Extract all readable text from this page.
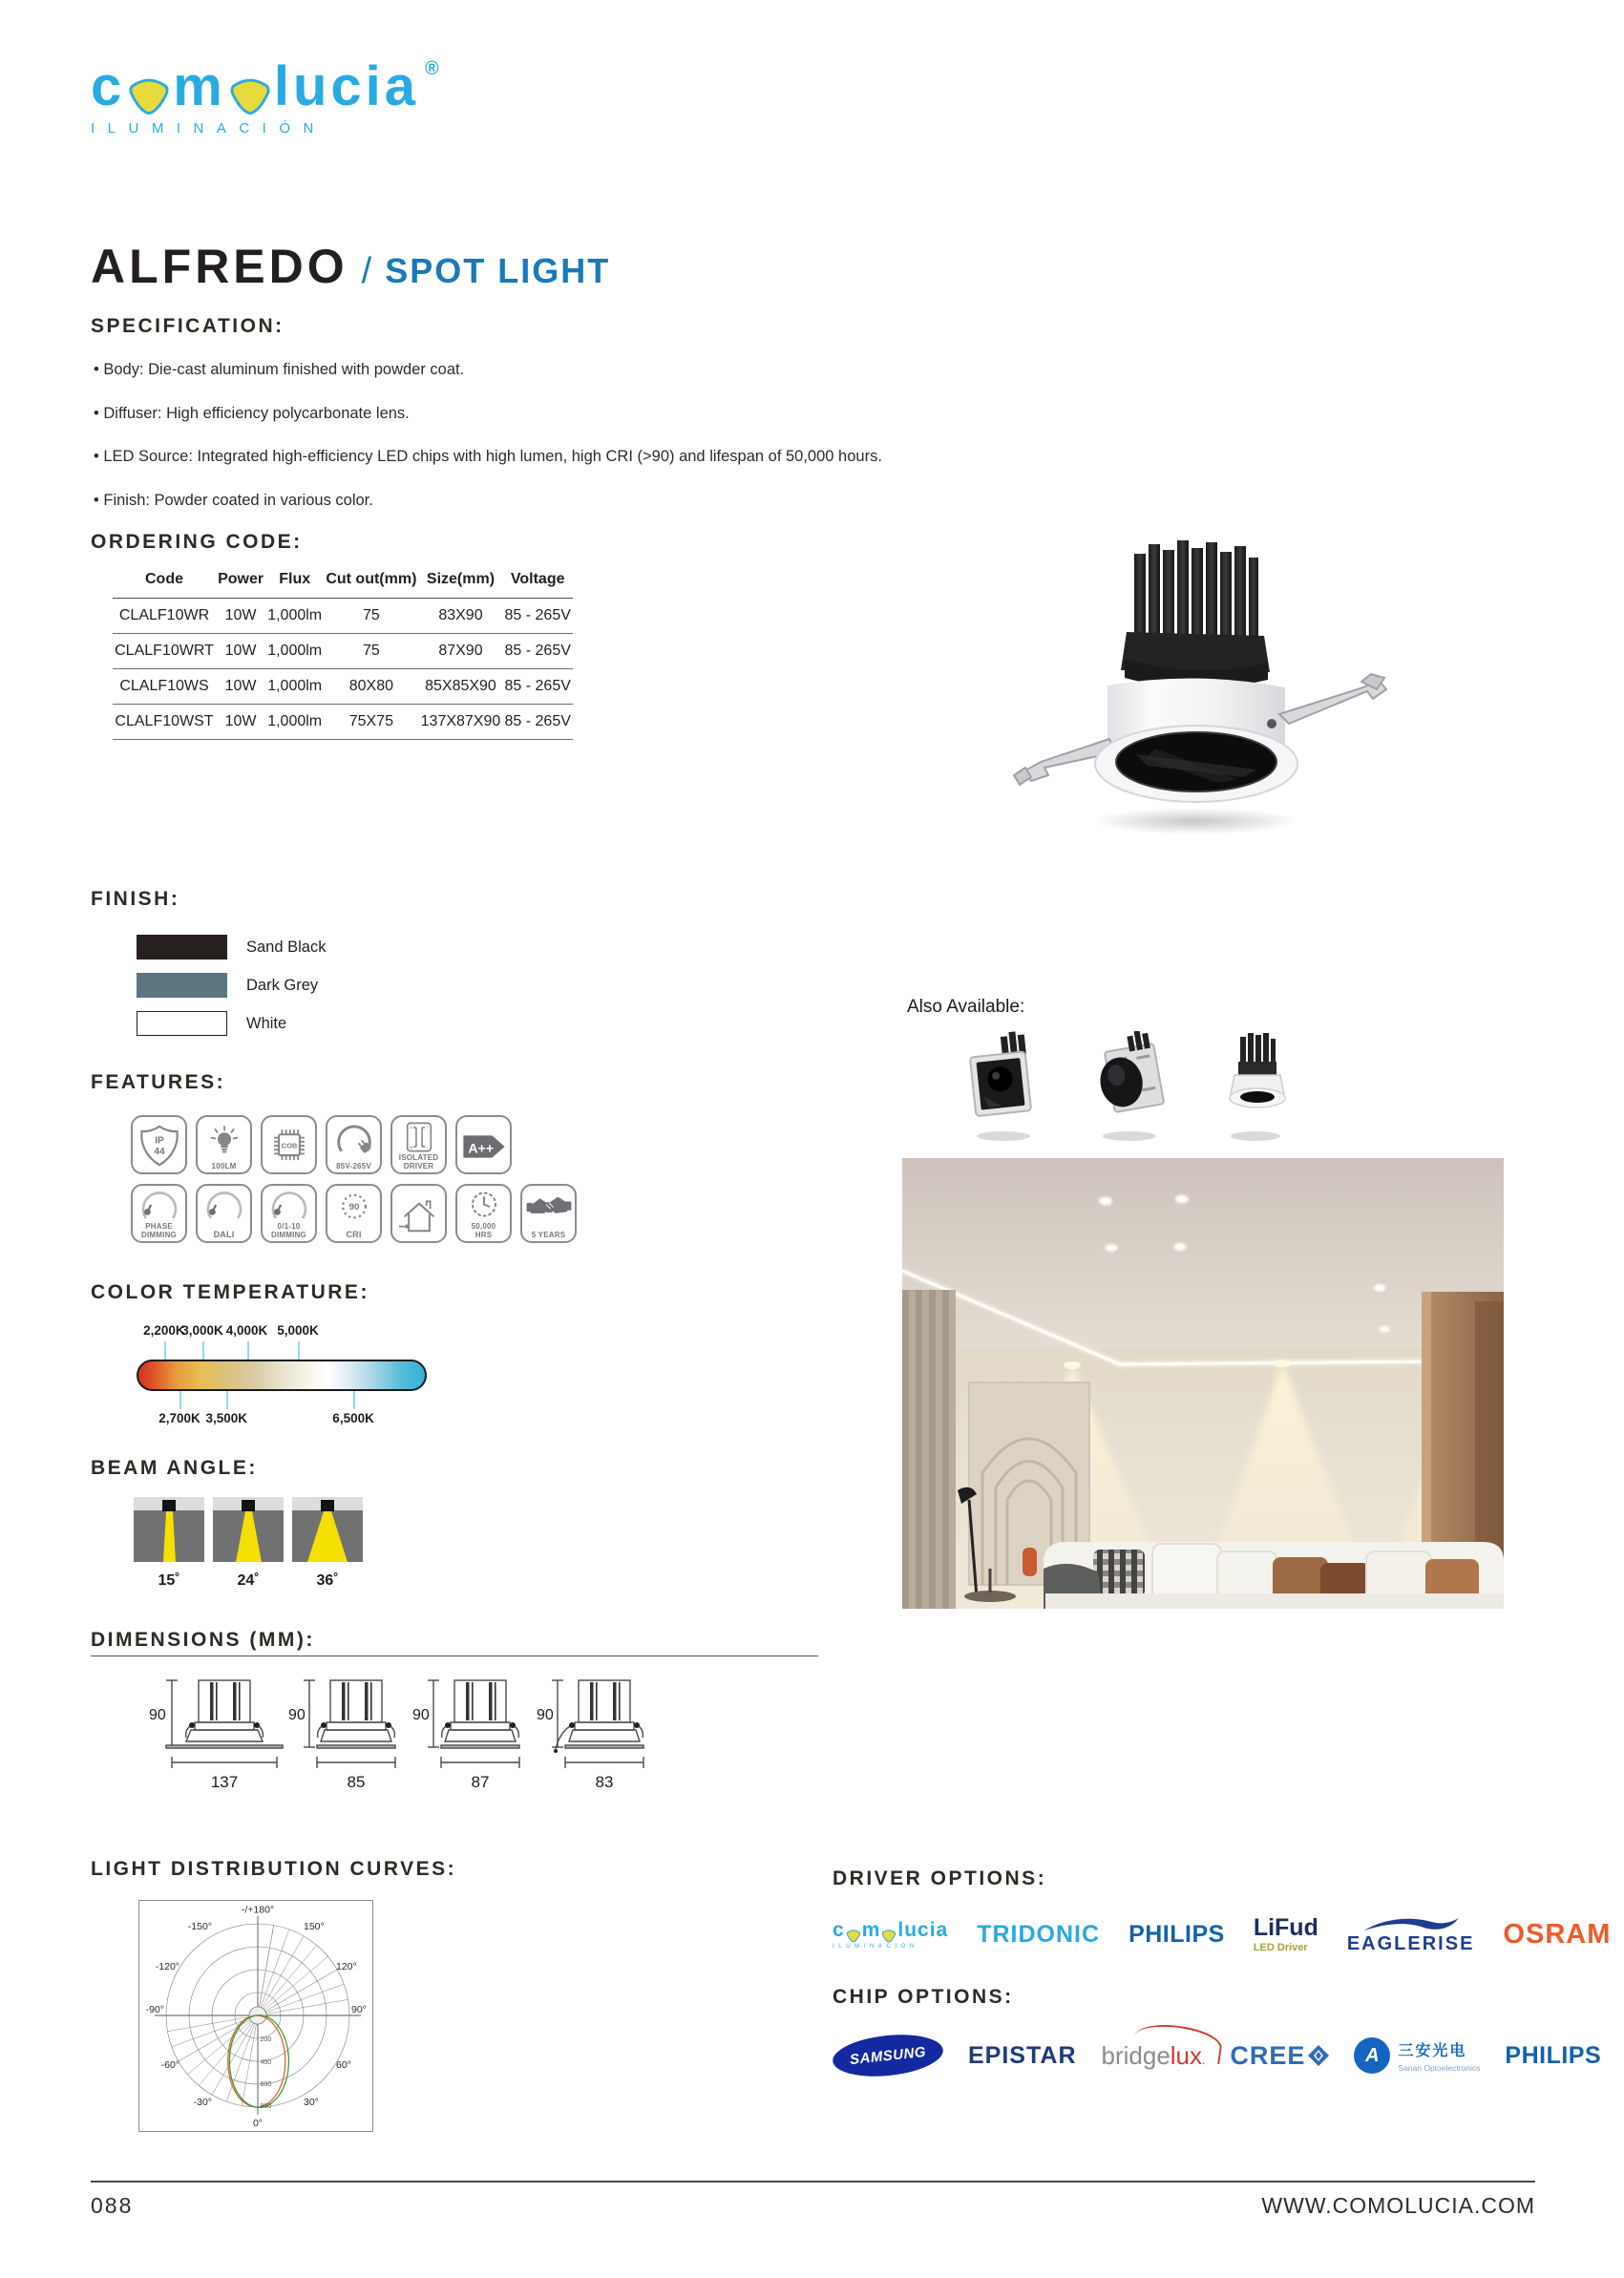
c m lucia ®
ILUMINACIÓN
ALFREDO / SPOT LIGHT
SPECIFICATION:
• Body: Die-cast aluminum finished with powder coat.
• Diffuser: High efficiency polycarbonate lens.
• LED Source: Integrated high-efficiency LED chips with high lumen, high CRI (>90) and lifespan of 50,000 hours.
• Finish: Powder coated in various color.
ORDERING CODE:
Code	Power	Flux	Cut out(mm)	Size(mm)	Voltage
CLALF10WR	10W	1,000lm	75	83X90	85 - 265V
CLALF10WRT	10W	1,000lm	75	87X90	85 - 265V
CLALF10WS	10W	1,000lm	80X80	85X85X90	85 - 265V
CLALF10WST	10W	1,000lm	75X75	137X87X90	85 - 265V
FINISH:
Sand Black
Dark Grey
White
Also Available:
FEATURES:
IP
44
100LM
COB
85V-265V
L
N
+
-
ISOLATED
DRIVER
A++
PHASE
DIMMING	DALI
0/1-10
DIMMING
90
CRI
50,000
HRS	5 YEARS
COLOR TEMPERATURE:
2,200K
3,000K 4,000K 5,000K
2,700K 3,500K	6,500K
BEAM ANGLE:
15˚	24˚	36˚
DIMENSIONS (MM):
90
137
90
85
90
87
90
83
LIGHT DISTRIBUTION CURVES:
200
400
600
800
-/+180°
150°
120°
90°
60°
30°
0°
-30°
-60°
-90°
-120°
-150°
DRIVER OPTIONS:
c m lucia
ILUMINACIÓN	TRIDONIC PHILIPS LiFud
LED Driver EAGLERISE OSRAM
CHIP OPTIONS:
SAMSUNG EPISTAR bridgelux. CREE	A	三安光电
Sanan Optoelectronics PHILIPS
088	WWW.COMOLUCIA.COM
